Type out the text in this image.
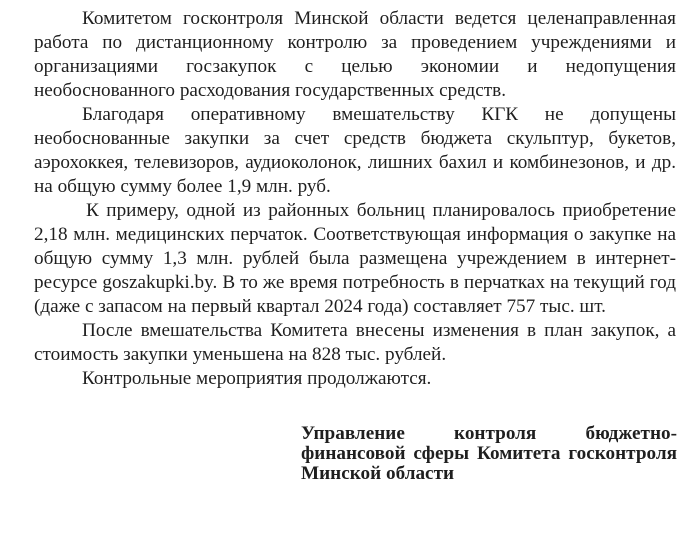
Комитетом госконтроля Минской области ведется целенаправленная работа по дистанционному контролю за проведением учреждениями и организациями госзакупок с целью экономии и недопущения необоснованного расходования государственных средств.

Благодаря оперативному вмешательству КГК не допущены необоснованные закупки за счет средств бюджета скульптур, букетов, аэрохоккея, телевизоров, аудиоколонок, лишних бахил и комбинезонов, и др. на общую сумму более 1,9 млн. руб.

К примеру, одной из районных больниц планировалось приобретение 2,18 млн. медицинских перчаток. Соответствующая информация о закупке на общую сумму 1,3 млн. рублей была размещена учреждением в интернет-ресурсе goszakupki.by. В то же время потребность в перчатках на текущий год (даже с запасом на первый квартал 2024 года) составляет 757 тыс. шт.

После вмешательства Комитета внесены изменения в план закупок, а стоимость закупки уменьшена на 828 тыс. рублей.

Контрольные мероприятия продолжаются.

Управление контроля бюджетно-финансовой сферы Комитета госконтроля Минской области
